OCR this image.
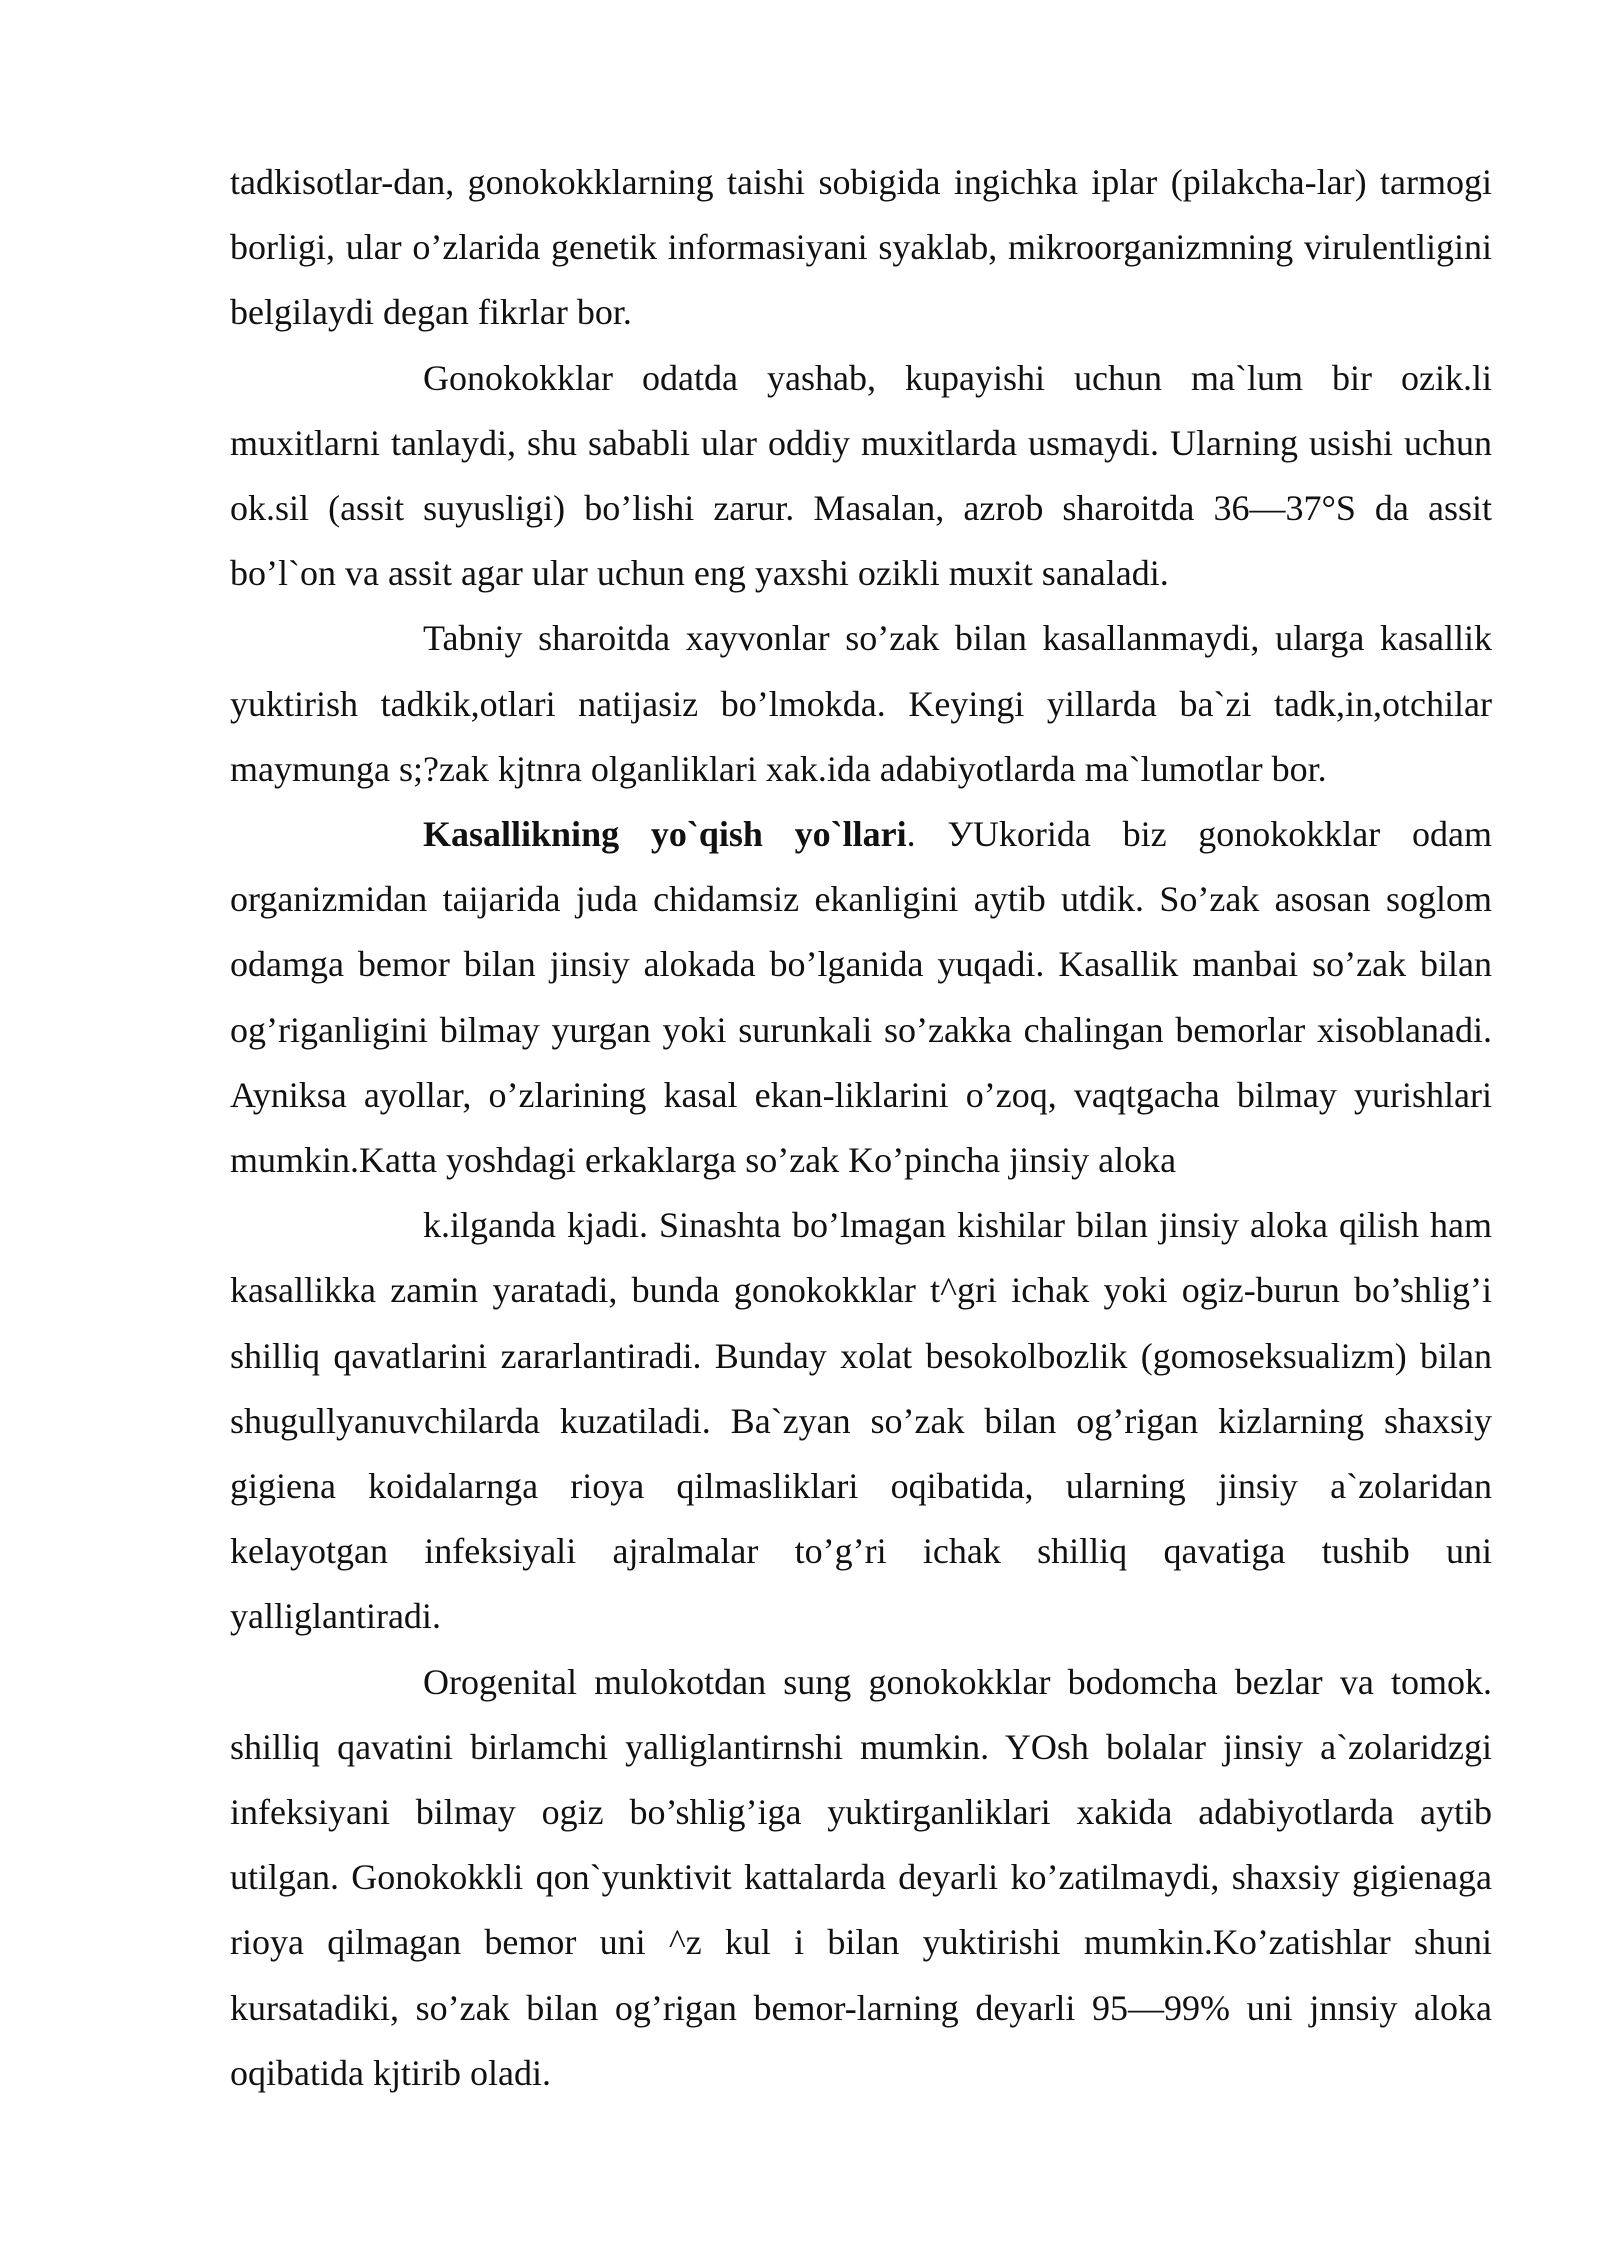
tadkisotlar-dan, gonokokklarning taishi sobigida ingichka iplar (pilakcha-lar) tarmogi borligi, ular o’zlarida genetik informasiyani syaklab, mikroorganizmning virulentligini belgilaydi degan fikrlar bor.

Gonokokklar odatda yashab, kupayishi uchun ma`lum bir ozik.li muxitlarni tanlaydi, shu sababli ular oddiy muxitlarda usmaydi. Ularning usishi uchun ok.sil (assit suyusligi) bo’lishi zarur. Masalan, azrob sharoitda 36—37°S da assit bo’l`on va assit agar ular uchun eng yaxshi ozikli muxit sanaladi.

Tabniy sharoitda xayvonlar so’zak bilan kasallanmaydi, ularga kasallik yuktirish tadkik,otlari natijasiz bo’lmokda. Keyingi yillarda ba`zi tadk,in,otchilar maymunga s;?zak kjtnra olganliklari xak.ida adabiyotlarda ma`lumotlar bor.

Kasallikning yo`qish yo`llari. УUkorida biz gonokokklar odam organizmidan taijarida juda chidamsiz ekanligini aytib utdik. So’zak asosan soglom odamga bemor bilan jinsiy alokada bo’lganida yuqadi. Kasallik manbai so’zak bilan og’riganligini bilmay yurgan yoki surunkali so’zakka chalingan bemorlar xisoblanadi. Ayniksa ayollar, o’zlarining kasal ekan-liklarini o’zoq, vaqtgacha bilmay yurishlari mumkin.Katta yoshdagi erkaklarga so’zak Ko’pincha jinsiy aloka

k.ilganda kjadi. Sinashta bo’lmagan kishilar bilan jinsiy aloka qilish ham kasallikka zamin yaratadi, bunda gonokokklar t^gri ichak yoki ogiz-burun bo’shlig’i shilliq qavatlarini zararlantiradi. Bunday xolat besokolbozlik (gomoseksualizm) bilan shugullyanuvchilarda kuzatiladi. Ba`zyan so’zak bilan og’rigan kizlarning shaxsiy gigiena koidalarnga rioya qilmasliklari oqibatida, ularning jinsiy a`zolaridan kelayotgan infeksiyali ajralmalar to’g’ri ichak shilliq qavatiga tushib uni yalliglantiradi.

Orogenital mulokotdan sung gonokokklar bodomcha bezlar va tomok. shilliq qavatini birlamchi yalliglantirnshi mumkin. YOsh bolalar jinsiy a`zolaridzgi infeksiyani bilmay ogiz bo’shlig’iga yuktirganliklari xakida adabiyotlarda aytib utilgan. Gonokokkli qon`yunktivit kattalarda deyarli ko’zatilmaydi, shaxsiy gigienaga rioya qilmagan bemor uni ^z kul i bilan yuktirishi mumkin.Ko’zatishlar shuni kursatadiki, so’zak bilan og’rigan bemor-larning deyarli 95—99% uni jnnsiy aloka oqibatida kjtirib oladi.
